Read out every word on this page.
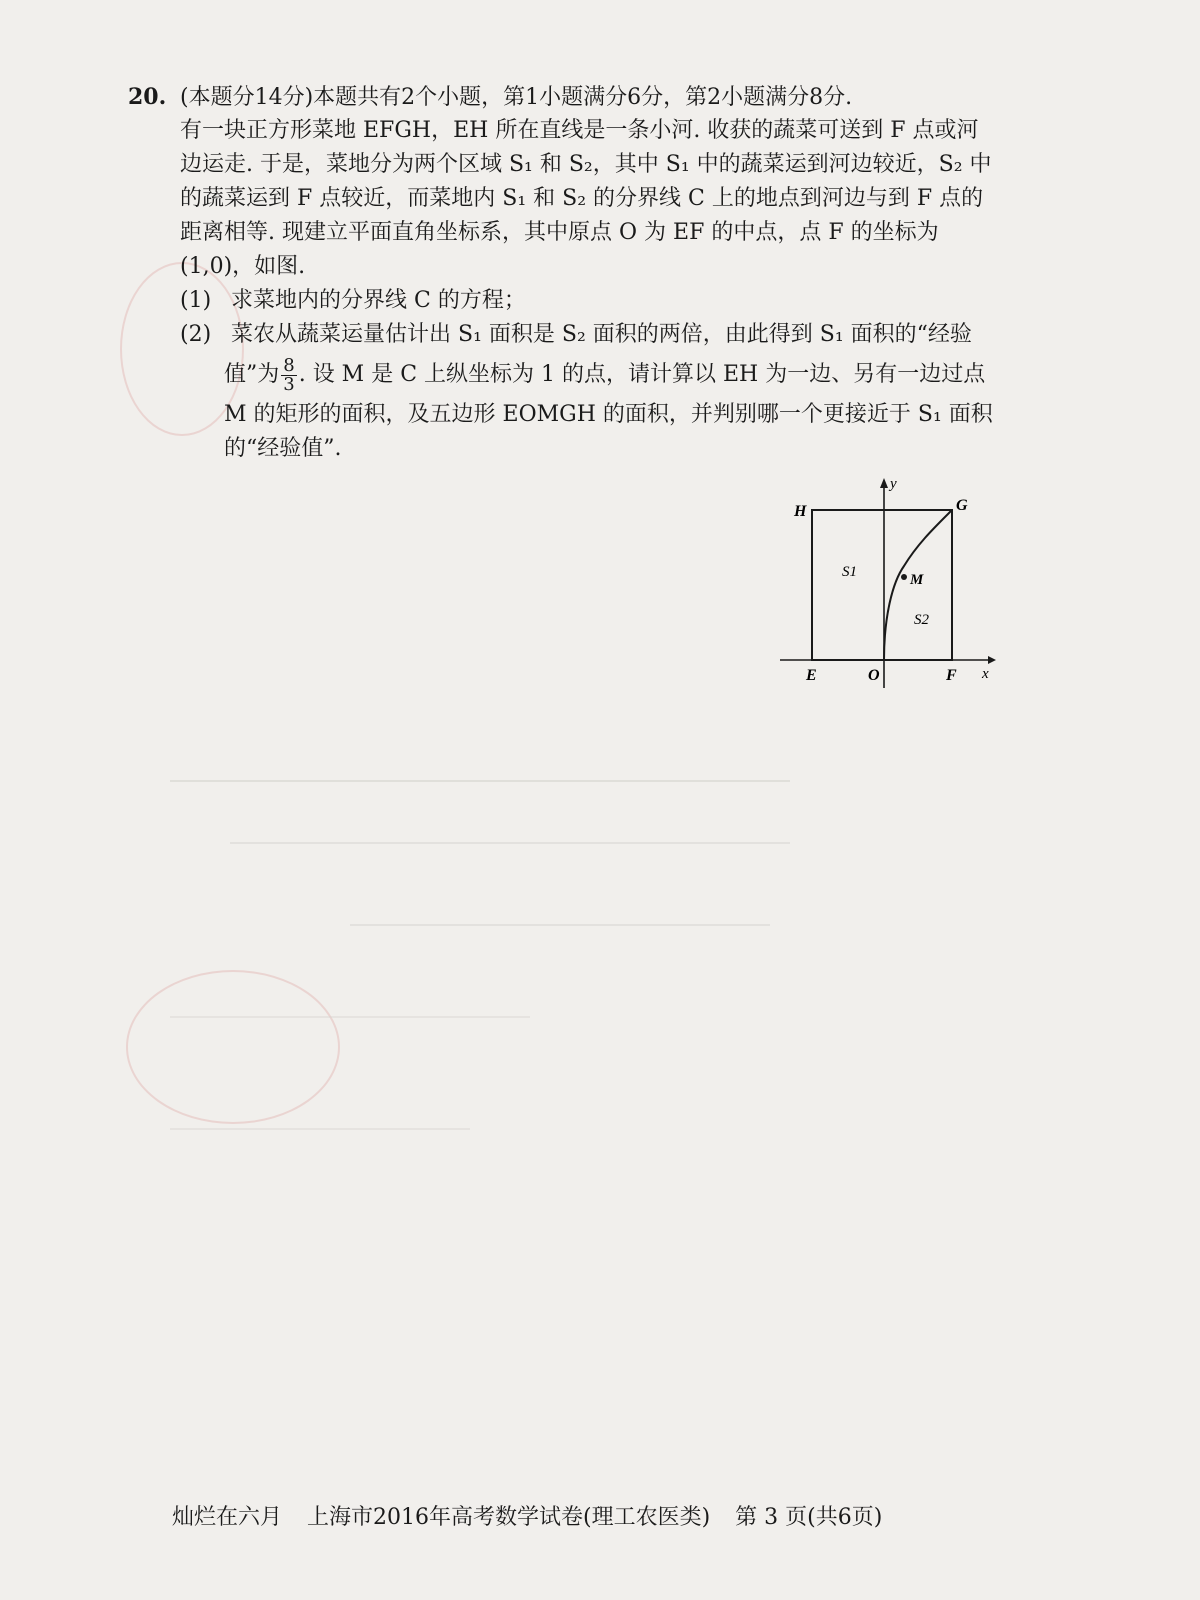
20. (本题分14分)本题共有2个小题，第1小题满分6分，第2小题满分8分.
有一块正方形菜地 EFGH，EH 所在直线是一条小河. 收获的蔬菜可送到 F 点或河
边运走. 于是，菜地分为两个区域 S₁ 和 S₂，其中 S₁ 中的蔬菜运到河边较近，S₂ 中
的蔬菜运到 F 点较近，而菜地内 S₁ 和 S₂ 的分界线 C 上的地点到河边与到 F 点的
距离相等. 现建立平面直角坐标系，其中原点 O 为 EF 的中点，点 F 的坐标为
(1,0)，如图.
(1) 求菜地内的分界线 C 的方程；
(2) 菜农从蔬菜运量估计出 S₁ 面积是 S₂ 面积的两倍，由此得到 S₁ 面积的“经验
值”为 $\frac{8}{3}$ . 设 M 是 C 上纵坐标为 1 的点，请计算以 EH 为一边、另有一边过点
M 的矩形的面积，及五边形 EOMGH 的面积，并判别哪一个更接近于 S₁ 面积
的“经验值”.
H	G
E	O	F x
y
S1
S2
M
灿烂在六月 上海市2016年高考数学试卷(理工农医类) 第 3 页(共6页)
